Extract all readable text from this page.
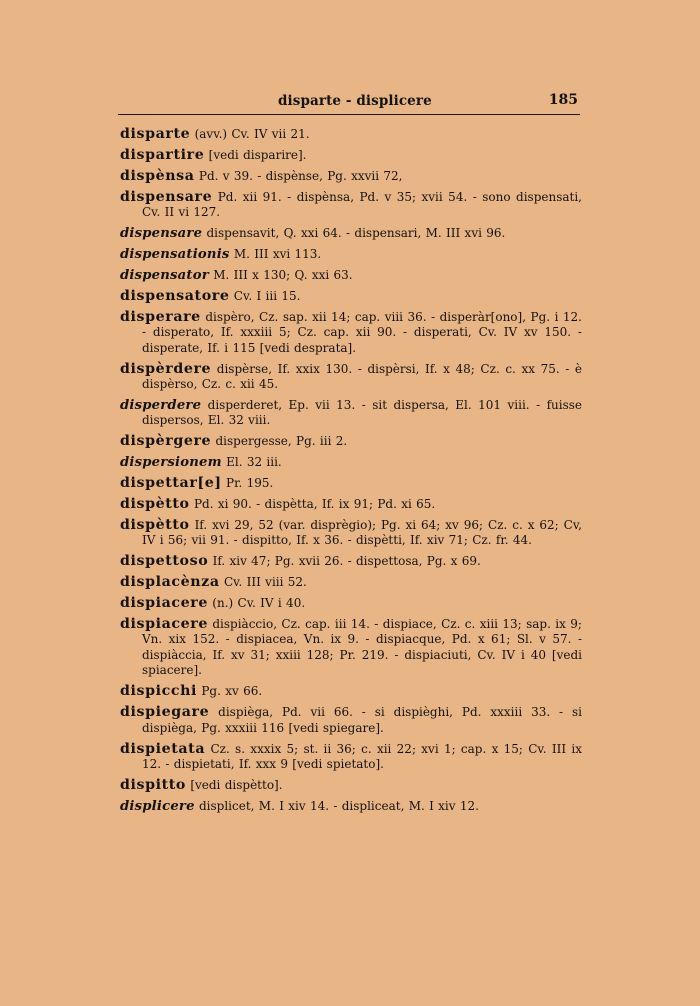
disparte - displicere	185
disparte (avv.) Cv. IV vii 21.
dispartire [vedi disparire].
dispènsa Pd. v 39. - dispènse, Pg. xxvii 72,
dispensare Pd. xii 91. - dispènsa, Pd. v 35; xvii 54. - sono dispensati, Cv. II vi 127.
dispensare dispensavit, Q. xxi 64. - dispensari, M. III xvi 96.
dispensationis M. III xvi 113.
dispensator M. III x 130; Q. xxi 63.
dispensatore Cv. I iii 15.
disperare dispèro, Cz. sap. xii 14; cap. viii 36. - disperàr[ono], Pg. i 12. - disperato, If. xxxiii 5; Cz. cap. xii 90. - disperati, Cv. IV xv 150. - disperate, If. i 115 [vedi desprata].
dispèrdere dispèrse, If. xxix 130. - dispèrsi, If. x 48; Cz. c. xx 75. - è dispèrso, Cz. c. xii 45.
disperdere disperderet, Ep. vii 13. - sit dispersa, El. 101 viii. - fuisse dispersos, El. 32 viii.
dispèrgere dispergesse, Pg. iii 2.
dispersionem El. 32 iii.
dispettar[e] Pr. 195.
dispètto Pd. xi 90. - dispètta, If. ix 91; Pd. xi 65.
dispètto If. xvi 29, 52 (var. disprègio); Pg. xi 64; xv 96; Cz. c. x 62; Cv, IV i 56; vii 91. - dispitto, If. x 36. - dispètti, If. xiv 71; Cz. fr. 44.
dispettoso If. xiv 47; Pg. xvii 26. - dispettosa, Pg. x 69.
displacènza Cv. III viii 52.
dispiacere (n.) Cv. IV i 40.
dispiacere dispiàccio, Cz. cap. iii 14. - dispiace, Cz. c. xiii 13; sap. ix 9; Vn. xix 152. - dispiacea, Vn. ix 9. - dispiacque, Pd. x 61; Sl. v 57. - dispiàccia, If. xv 31; xxiii 128; Pr. 219. - dispiaciuti, Cv. IV i 40 [vedi spiacere].
dispicchi Pg. xv 66.
dispiegare dispièga, Pd. vii 66. - si dispièghi, Pd. xxxiii 33. - si dispièga, Pg. xxxiii 116 [vedi spiegare].
dispietata Cz. s. xxxix 5; st. ii 36; c. xii 22; xvi 1; cap. x 15; Cv. III ix 12. - dispietati, If. xxx 9 [vedi spietato].
dispitto [vedi dispètto].
displicere displicet, M. I xiv 14. - displiceat, M. I xiv 12.
